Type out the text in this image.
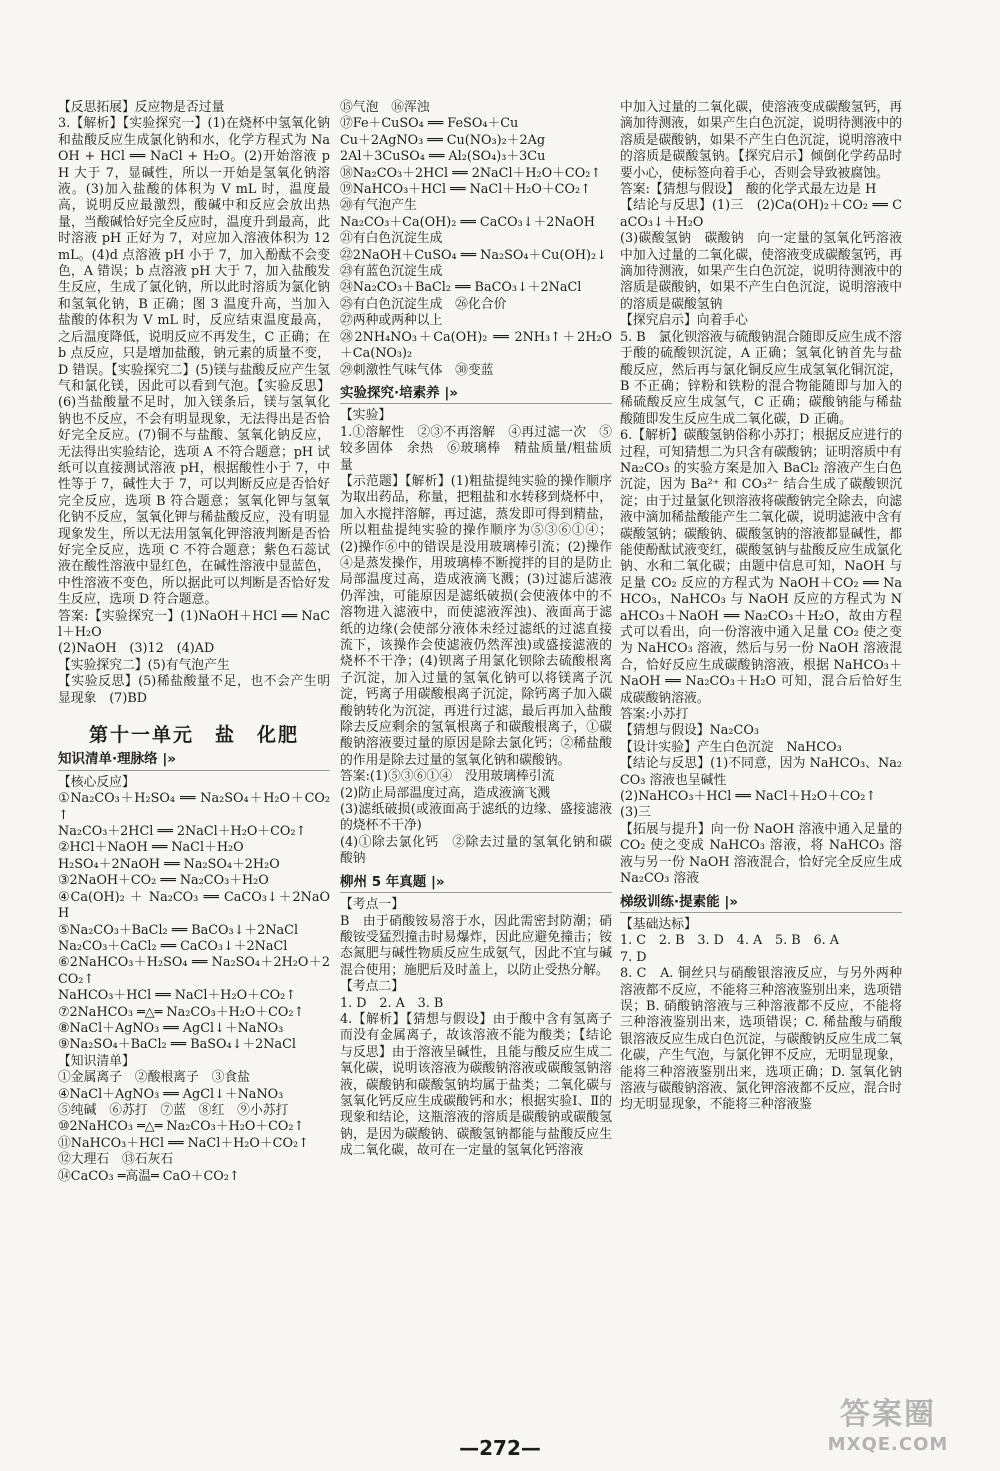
【反思拓展】反应物是否过量
3.【解析】【实验探究一】(1)在烧杯中氢氧化钠和盐酸反应生成氯化钠和水，化学方程式为 NaOH + HCl ══ NaCl + H₂O。(2)开始溶液 pH 大于 7，显碱性，所以一开始是氢氧化钠溶液。(3)加入盐酸的体积为 V mL 时，温度最高，说明反应最激烈，酸碱中和反应会放出热量，当酸碱恰好完全反应时，温度升到最高，此时溶液 pH 正好为 7，对应加入溶液体积为 12 mL。(4)d 点溶液 pH 小于 7，加入酚酞不会变色，A 错误；b 点溶液 pH 大于 7，加入盐酸发生反应，生成了氯化钠，所以此时溶质为氯化钠和氢氧化钠，B 正确；图 3 温度升高，当加入盐酸的体积为 V mL 时，反应结束温度最高，之后温度降低，说明反应不再发生，C 正确；在 b 点反应，只是增加盐酸，钠元素的质量不变，D 错误。【实验探究二】(5)镁与盐酸反应产生氢气和氯化镁，因此可以看到气泡。【实验反思】(6)当盐酸量不足时，加入镁条后，镁与氢氧化钠也不反应，不会有明显现象，无法得出是否恰好完全反应。(7)铜不与盐酸、氢氧化钠反应，无法得出实验结论，选项 A 不符合题意；pH 试纸可以直接测试溶液 pH，根据酸性小于 7，中性等于 7，碱性大于 7，可以判断反应是否恰好完全反应，选项 B 符合题意；氢氧化钾与氢氧化钠不反应，氢氧化钾与稀盐酸反应，没有明显现象发生，所以无法用氢氧化钾溶液判断是否恰好完全反应，选项 C 不符合题意；紫色石蕊试液在酸性溶液中显红色，在碱性溶液中显蓝色，中性溶液不变色，所以据此可以判断是否恰好发生反应，选项 D 符合题意。
答案:【实验探究一】(1)NaOH＋HCl ══ NaCl＋H₂O
(2)NaOH　(3)12　(4)AD
【实验探究二】(5)有气泡产生
【实验反思】(5)稀盐酸量不足，也不会产生明显现象　(7)BD
第十一单元　盐　化肥
知识清单·理脉络 |»
【核心反应】
①Na₂CO₃＋H₂SO₄ ══ Na₂SO₄＋H₂O＋CO₂↑
Na₂CO₃＋2HCl ══ 2NaCl＋H₂O＋CO₂↑
②HCl＋NaOH ══ NaCl＋H₂O
H₂SO₄＋2NaOH ══ Na₂SO₄＋2H₂O
③2NaOH＋CO₂ ══ Na₂CO₃＋H₂O
④Ca(OH)₂ ＋ Na₂CO₃ ══ CaCO₃↓＋2NaOH
⑤Na₂CO₃＋BaCl₂ ══ BaCO₃↓＋2NaCl
Na₂CO₃＋CaCl₂ ══ CaCO₃↓＋2NaCl
⑥2NaHCO₃＋H₂SO₄ ══ Na₂SO₄＋2H₂O＋2CO₂↑
NaHCO₃＋HCl ══ NaCl＋H₂O＋CO₂↑
⑦2NaHCO₃ ═△═ Na₂CO₃＋H₂O＋CO₂↑
⑧NaCl＋AgNO₃ ══ AgCl↓＋NaNO₃
⑨Na₂SO₄＋BaCl₂ ══ BaSO₄↓＋2NaCl
【知识清单】
①金属离子　②酸根离子　③食盐
④NaCl＋AgNO₃ ══ AgCl↓＋NaNO₃
⑤纯碱　⑥苏打　⑦蓝　⑧红　⑨小苏打
⑩2NaHCO₃ ═△═ Na₂CO₃＋H₂O＋CO₂↑
⑪NaHCO₃＋HCl ══ NaCl＋H₂O＋CO₂↑
⑫大理石　⑬石灰石
⑭CaCO₃ ═高温═ CaO＋CO₂↑
⑮气泡　⑯浑浊
⑰Fe＋CuSO₄ ══ FeSO₄＋Cu
Cu＋2AgNO₃ ══ Cu(NO₃)₂＋2Ag
2Al＋3CuSO₄ ══ Al₂(SO₄)₃＋3Cu
⑱Na₂CO₃＋2HCl ══ 2NaCl＋H₂O＋CO₂↑
⑲NaHCO₃＋HCl ══ NaCl＋H₂O＋CO₂↑
⑳有气泡产生
Na₂CO₃＋Ca(OH)₂ ══ CaCO₃↓＋2NaOH
㉑有白色沉淀生成
㉒2NaOH＋CuSO₄ ══ Na₂SO₄＋Cu(OH)₂↓
㉓有蓝色沉淀生成
㉔Na₂CO₃＋BaCl₂ ══ BaCO₃↓＋2NaCl
㉕有白色沉淀生成　㉖化合价
㉗两种或两种以上
㉘2NH₄NO₃＋Ca(OH)₂ ══ 2NH₃↑＋2H₂O＋Ca(NO₃)₂
㉙刺激性气味气体　㉚变蓝
实验探究·培素养 |»
【实验】
1.①溶解性　②③不再溶解　④再过滤一次　⑤较多固体　余热　⑥玻璃棒　精盐质量/粗盐质量
【示范题】【解析】(1)粗盐提纯实验的操作顺序为取出药品，称量，把粗盐和水转移到烧杯中，加入水搅拌溶解，再过滤，蒸发即可得到精盐，所以粗盐提纯实验的操作顺序为⑤③⑥①④；(2)操作⑥中的错误是没用玻璃棒引流；(2)操作④是蒸发操作，用玻璃棒不断搅拌的目的是防止局部温度过高，造成液滴飞溅；(3)过滤后滤液仍浑浊，可能原因是滤纸破损(会使液体中的不溶物进入滤液中，而使滤液浑浊)、液面高于滤纸的边缘(会使部分液体未经过滤纸的过滤直接流下，该操作会使滤液仍然浑浊)或盛接滤液的烧杯不干净；(4)钡离子用氯化钡除去硫酸根离子沉淀，加入过量的氢氧化钠可以将镁离子沉淀，钙离子用碳酸根离子沉淀，除钙离子加入碳酸钠转化为沉淀，再进行过滤，最后再加入盐酸除去反应剩余的氢氧根离子和碳酸根离子，①碳酸钠溶液要过量的原因是除去氯化钙；②稀盐酸的作用是除去过量的氢氧化钠和碳酸钠。
答案:(1)⑤③⑥①④　没用玻璃棒引流
(2)防止局部温度过高，造成液滴飞溅
(3)滤纸破损(或液面高于滤纸的边缘、盛接滤液的烧杯不干净)
(4)①除去氯化钙　②除去过量的氢氧化钠和碳酸钠
柳州 5 年真题 |»
【考点一】
B　由于硝酸铵易溶于水，因此需密封防潮；硝酸铵受猛烈撞击时易爆炸，因此应避免撞击；铵态氮肥与碱性物质反应生成氨气，因此不宜与碱混合使用；施肥后及时盖上，以防止受热分解。
【考点二】
1. D　2. A　3. B
4.【解析】【猜想与假设】由于酸中含有氢离子而没有金属离子，故该溶液不能为酸类；【结论与反思】由于溶液呈碱性，且能与酸反应生成二氧化碳，说明该溶液为碳酸钠溶液或碳酸氢钠溶液，碳酸钠和碳酸氢钠均属于盐类；二氧化碳与氢氧化钙反应生成碳酸钙和水；根据实验Ⅰ、Ⅱ的现象和结论，这瓶溶液的溶质是碳酸钠或碳酸氢钠，是因为碳酸钠、碳酸氢钠都能与盐酸反应生成二氧化碳，故可在一定量的氢氧化钙溶液
中加入过量的二氧化碳，使溶液变成碳酸氢钙，再滴加待测液，如果产生白色沉淀，说明待测液中的溶质是碳酸钠，如果不产生白色沉淀，说明溶液中的溶质是碳酸氢钠。【探究启示】倾倒化学药品时要小心，使标签向着手心，否则会导致被腐蚀。
答案:【猜想与假设】　酸的化学式最左边是 H
【结论与反思】(1)三　(2)Ca(OH)₂＋CO₂ ══ CaCO₃↓＋H₂O
(3)碳酸氢钠　碳酸钠　向一定量的氢氧化钙溶液中加入过量的二氧化碳，使溶液变成碳酸氢钙，再滴加待测液，如果产生白色沉淀，说明待测液中的溶质是碳酸钠，如果不产生白色沉淀，说明溶液中的溶质是碳酸氢钠
【探究启示】向着手心
5. B　氯化钡溶液与硫酸钠混合随即反应生成不溶于酸的硫酸钡沉淀，A 正确；氢氧化钠首先与盐酸反应，然后再与氯化铜反应生成氢氧化铜沉淀，B 不正确；锌粉和铁粉的混合物能随即与加入的稀硫酸反应生成氢气，C 正确；碳酸钠能与稀盐酸随即发生反应生成二氧化碳，D 正确。
6.【解析】碳酸氢钠俗称小苏打；根据反应进行的过程，可知猜想二为只含有碳酸钠；证明溶质中有 Na₂CO₃ 的实验方案是加入 BaCl₂ 溶液产生白色沉淀，因为 Ba²⁺ 和 CO₃²⁻ 结合生成了碳酸钡沉淀；由于过量氯化钡溶液将碳酸钠完全除去，向滤液中滴加稀盐酸能产生二氧化碳，说明滤液中含有碳酸氢钠；碳酸钠、碳酸氢钠的溶液都显碱性，都能使酚酞试液变红，碳酸氢钠与盐酸反应生成氯化钠、水和二氧化碳；由题中信息可知，NaOH 与足量 CO₂ 反应的方程式为 NaOH＋CO₂ ══ NaHCO₃，NaHCO₃ 与 NaOH 反应的方程式为 NaHCO₃＋NaOH ══ Na₂CO₃＋H₂O，故由方程式可以看出，向一份溶液中通入足量 CO₂ 使之变为 NaHCO₃ 溶液，然后与另一份 NaOH 溶液混合，恰好反应生成碳酸钠溶液，根据 NaHCO₃＋NaOH ══ Na₂CO₃＋H₂O 可知，混合后恰好生成碳酸钠溶液。
答案:小苏打
【猜想与假设】Na₂CO₃
【设计实验】产生白色沉淀　NaHCO₃
【结论与反思】(1)不同意，因为 NaHCO₃、Na₂CO₃ 溶液也呈碱性
(2)NaHCO₃＋HCl ══ NaCl＋H₂O＋CO₂↑
(3)三
【拓展与提升】向一份 NaOH 溶液中通入足量的 CO₂ 使之变成 NaHCO₃ 溶液，将 NaHCO₃ 溶液与另一份 NaOH 溶液混合，恰好完全反应生成 Na₂CO₃ 溶液
梯级训练·提素能 |»
【基础达标】
1. C　2. B　3. D　4. A　5. B　6. A
7. D
8. C　A. 铜丝只与硝酸银溶液反应，与另外两种溶液都不反应，不能将三种溶液鉴别出来，选项错误；B. 硝酸钠溶液与三种溶液都不反应，不能将三种溶液鉴别出来，选项错误；C. 稀盐酸与硝酸银溶液反应生成白色沉淀，与碳酸钠反应生成二氧化碳，产生气泡，与氯化钾不反应，无明显现象，能将三种溶液鉴别出来，选项正确；D. 氢氧化钠溶液与碳酸钠溶液、氯化钾溶液都不反应，混合时均无明显现象，不能将三种溶液鉴
—272—
答案圈
MXQE.COM
